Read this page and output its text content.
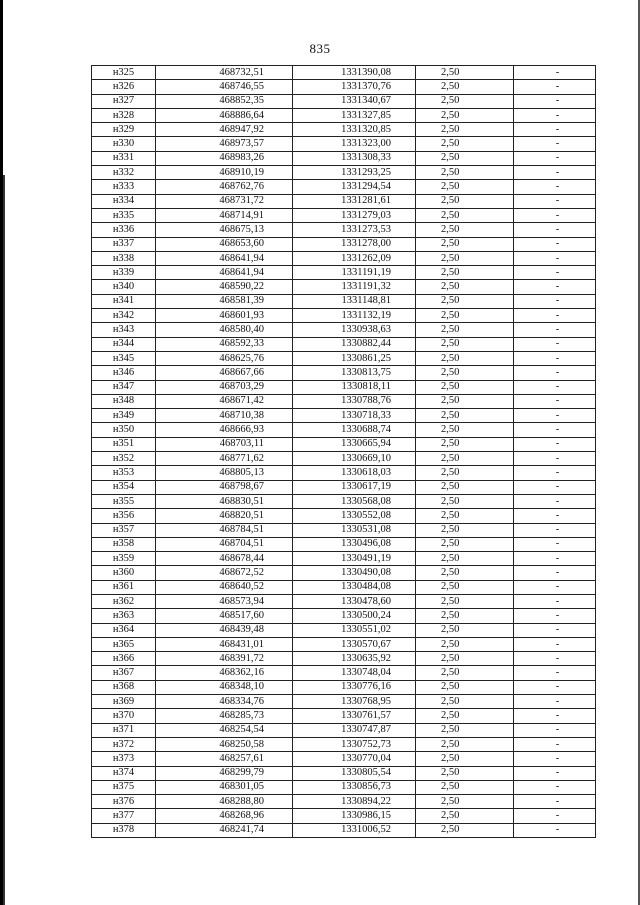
835
н325	468732,51	1331390,08	2,50	-
н326	468746,55	1331370,76	2,50	-
н327	468852,35	1331340,67	2,50	-
н328	468886,64	1331327,85	2,50	-
н329	468947,92	1331320,85	2,50	-
н330	468973,57	1331323,00	2,50	-
н331	468983,26	1331308,33	2,50	-
н332	468910,19	1331293,25	2,50	-
н333	468762,76	1331294,54	2,50	-
н334	468731,72	1331281,61	2,50	-
н335	468714,91	1331279,03	2,50	-
н336	468675,13	1331273,53	2,50	-
н337	468653,60	1331278,00	2,50	-
н338	468641,94	1331262,09	2,50	-
н339	468641,94	1331191,19	2,50	-
н340	468590,22	1331191,32	2,50	-
н341	468581,39	1331148,81	2,50	-
н342	468601,93	1331132,19	2,50	-
н343	468580,40	1330938,63	2,50	-
н344	468592,33	1330882,44	2,50	-
н345	468625,76	1330861,25	2,50	-
н346	468667,66	1330813,75	2,50	-
н347	468703,29	1330818,11	2,50	-
н348	468671,42	1330788,76	2,50	-
н349	468710,38	1330718,33	2,50	-
н350	468666,93	1330688,74	2,50	-
н351	468703,11	1330665,94	2,50	-
н352	468771,62	1330669,10	2,50	-
н353	468805,13	1330618,03	2,50	-
н354	468798,67	1330617,19	2,50	-
н355	468830,51	1330568,08	2,50	-
н356	468820,51	1330552,08	2,50	-
н357	468784,51	1330531,08	2,50	-
н358	468704,51	1330496,08	2,50	-
н359	468678,44	1330491,19	2,50	-
н360	468672,52	1330490,08	2,50	-
н361	468640,52	1330484,08	2,50	-
н362	468573,94	1330478,60	2,50	-
н363	468517,60	1330500,24	2,50	-
н364	468439,48	1330551,02	2,50	-
н365	468431,01	1330570,67	2,50	-
н366	468391,72	1330635,92	2,50	-
н367	468362,16	1330748,04	2,50	-
н368	468348,10	1330776,16	2,50	-
н369	468334,76	1330768,95	2,50	-
н370	468285,73	1330761,57	2,50	-
н371	468254,54	1330747,87	2,50	-
н372	468250,58	1330752,73	2,50	-
н373	468257,61	1330770,04	2,50	-
н374	468299,79	1330805,54	2,50	-
н375	468301,05	1330856,73	2,50	-
н376	468288,80	1330894,22	2,50	-
н377	468268,96	1330986,15	2,50	-
н378	468241,74	1331006,52	2,50	-
